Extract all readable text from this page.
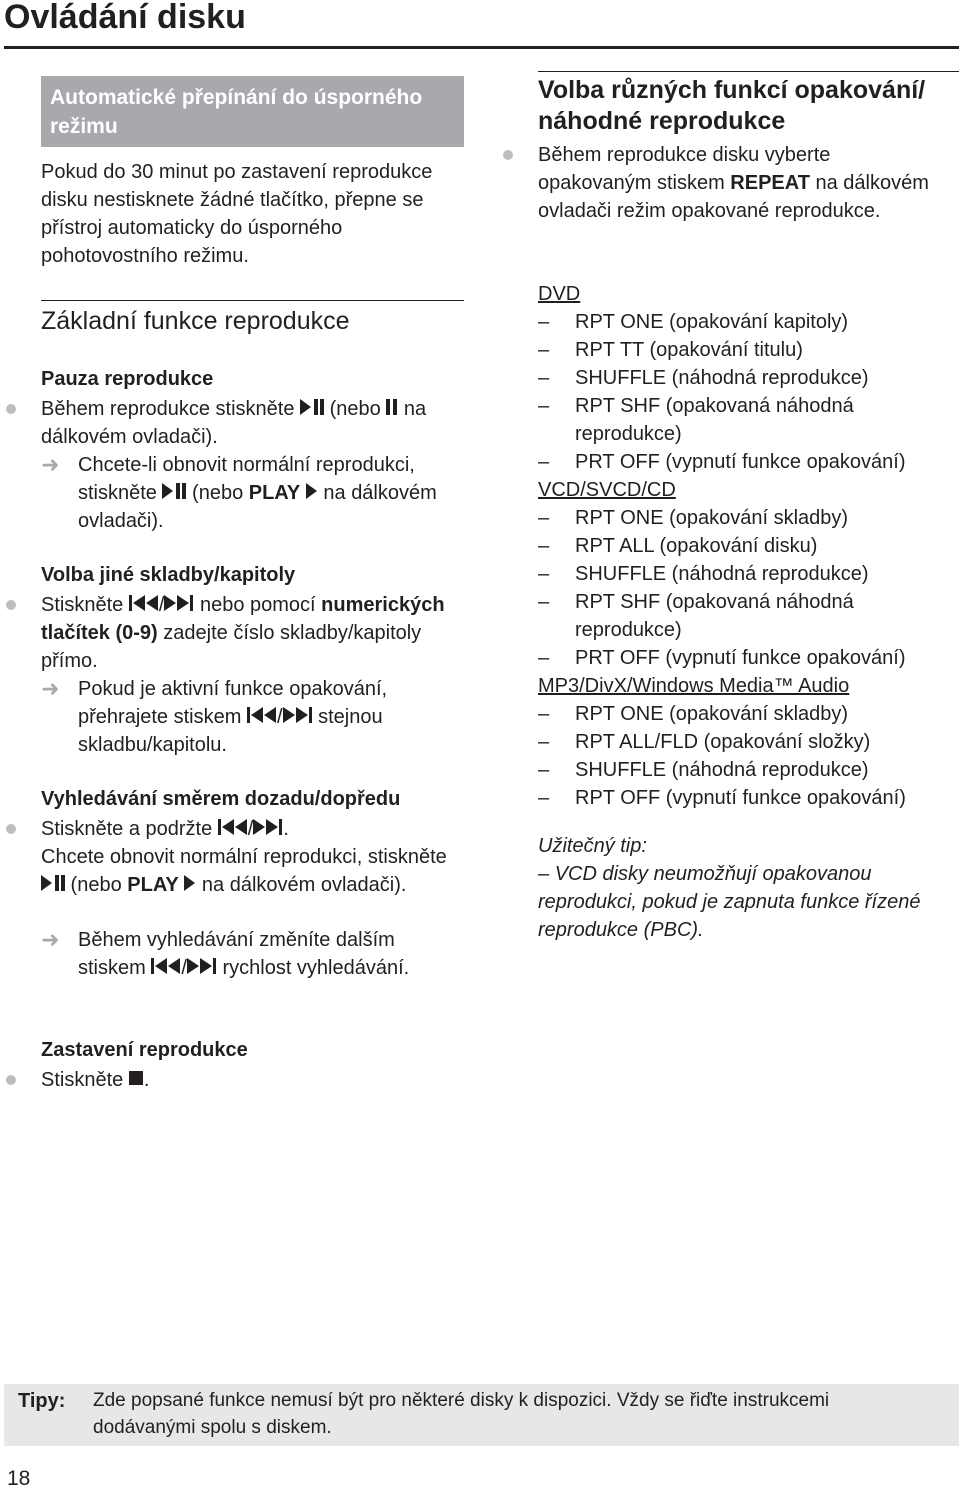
Ovládání disku
Automatické přepínání do úsporného režimu
Pokud do 30 minut po zastavení reprodukce disku nestisknete žádné tlačítko, přepne se přístroj automaticky do úsporného pohotovostního režimu.
Základní funkce reprodukce
Pauza reprodukce
Během reprodukce stiskněte
(nebo
na dálkovém ovladači).
➜ Chcete-li obnovit normální reprodukci, stiskněte
(nebo PLAY
na dálkovém ovladači).
Volba jiné skladby/kapitoly
Stiskněte
/
nebo pomocí numerických tlačítek (0-9) zadejte číslo skladby/kapitoly přímo.
➜ Pokud je aktivní funkce opakování, přehrajete stiskem
/
stejnou skladbu/kapitolu.
Vyhledávání směrem dozadu/dopředu
Stiskněte a podržte
/ .
Chcete obnovit normální reprodukci, stiskněte
(nebo PLAY
na dálkovém ovladači).
➜ Během vyhledávání změníte dalším stiskem
/
rychlost vyhledávání.
Zastavení reprodukce
Stiskněte
.
Volba různých funkcí opakování/ náhodné reprodukce
Během reprodukce disku vyberte opakovaným stiskem REPEAT na dálkovém ovladači režim opakované reprodukce.
DVD
– RPT ONE (opakování kapitoly)
– RPT TT (opakování titulu)
– SHUFFLE (náhodná reprodukce)
– RPT SHF (opakovaná náhodná reprodukce)
– PRT OFF (vypnutí funkce opakování)
VCD/SVCD/CD
– RPT ONE (opakování skladby)
– RPT ALL (opakování disku)
– SHUFFLE (náhodná reprodukce)
– RPT SHF (opakovaná náhodná reprodukce)
– PRT OFF (vypnutí funkce opakování)
MP3/DivX/Windows Media™ Audio
– RPT ONE (opakování skladby)
– RPT ALL/FLD (opakování složky)
– SHUFFLE (náhodná reprodukce)
– RPT OFF (vypnutí funkce opakování)
Užitečný tip:
– VCD disky neumožňují opakovanou reprodukci, pokud je zapnuta funkce řízené reprodukce (PBC).
Tipy: Zde popsané funkce nemusí být pro některé disky k dispozici. Vždy se řiďte instrukcemi dodávanými spolu s diskem.
18
